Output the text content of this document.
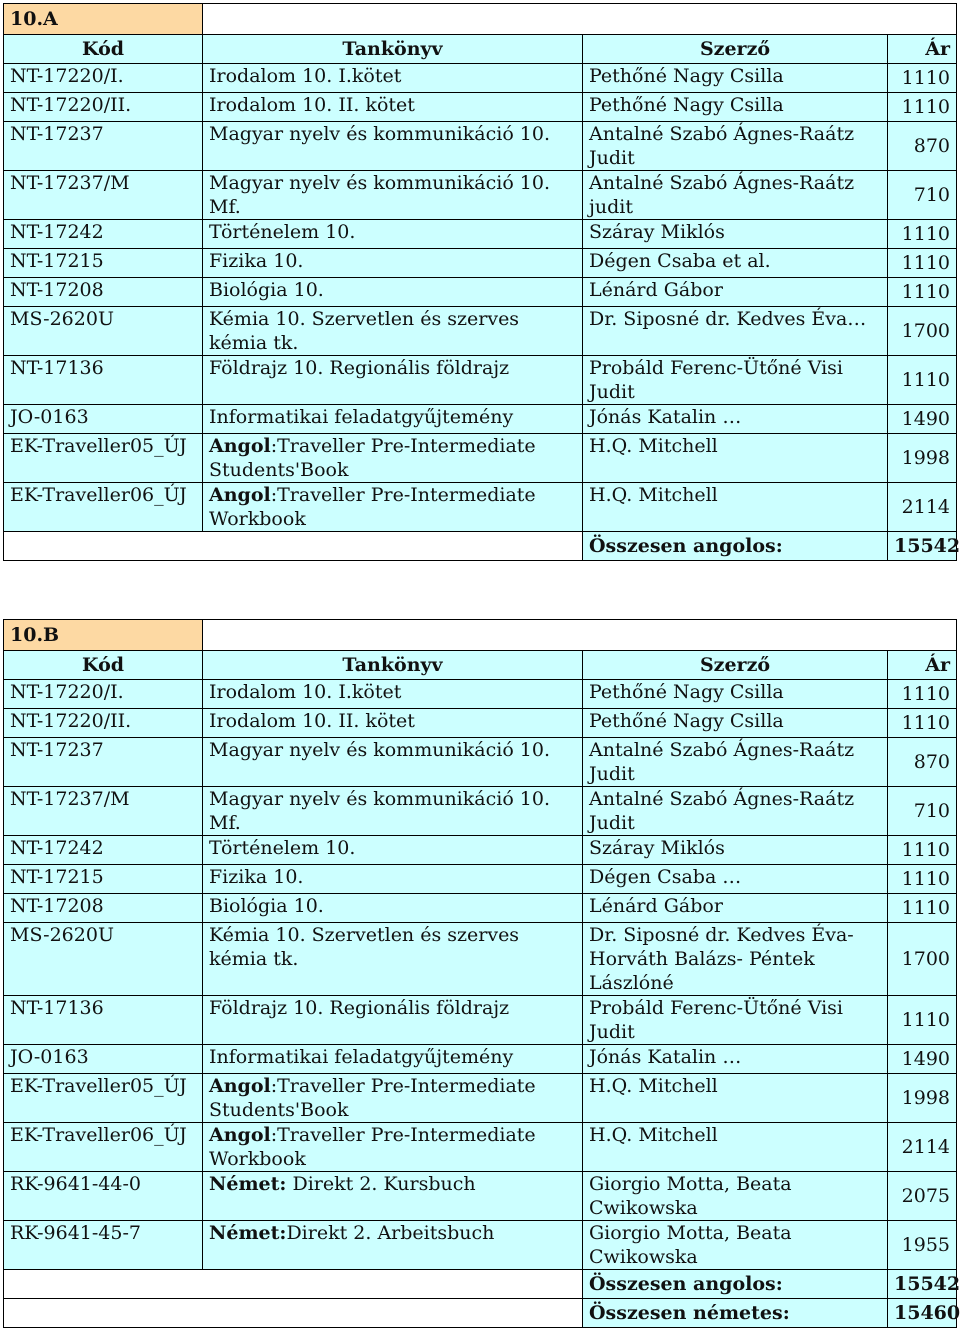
10.A			
Kód	Tankönyv	Szerző	Ár
NT-17220/I.	Irodalom 10. I.kötet	Pethőné Nagy Csilla	1110
NT-17220/II.	Irodalom 10. II. kötet	Pethőné Nagy Csilla	1110
NT-17237	Magyar nyelv és kommunikáció 10.	Antalné Szabó Ágnes-Raátz Judit	870
NT-17237/M	Magyar nyelv és kommunikáció 10. Mf.	Antalné Szabó Ágnes-Raátz judit	710
NT-17242	Történelem 10.	Száray Miklós	1110
NT-17215	Fizika 10.	Dégen Csaba et al.	1110
NT-17208	Biológia 10.	Lénárd Gábor	1110
MS-2620U	Kémia 10. Szervetlen és szerves kémia tk.	Dr. Siposné dr. Kedves Éva…	1700
NT-17136	Földrajz 10. Regionális földrajz	Probáld Ferenc-Ütőné Visi Judit	1110
JO-0163	Informatikai feladatgyűjtemény	Jónás Katalin …	1490
EK-Traveller05_ÚJ	Angol:Traveller Pre-Intermediate Students'Book	H.Q. Mitchell	1998
EK-Traveller06_ÚJ	Angol:Traveller Pre-Intermediate Workbook	H.Q. Mitchell	2114
		Összesen angolos:	15542
10.B			
Kód	Tankönyv	Szerző	Ár
NT-17220/I.	Irodalom 10. I.kötet	Pethőné Nagy Csilla	1110
NT-17220/II.	Irodalom 10. II. kötet	Pethőné Nagy Csilla	1110
NT-17237	Magyar nyelv és kommunikáció 10.	Antalné Szabó Ágnes-Raátz Judit	870
NT-17237/M	Magyar nyelv és kommunikáció 10. Mf.	Antalné Szabó Ágnes-Raátz Judit	710
NT-17242	Történelem 10.	Száray Miklós	1110
NT-17215	Fizika 10.	Dégen Csaba …	1110
NT-17208	Biológia 10.	Lénárd Gábor	1110
MS-2620U	Kémia 10. Szervetlen és szerves kémia tk.	Dr. Siposné dr. Kedves Éva-Horváth Balázs- Péntek Lászlóné	1700
NT-17136	Földrajz 10. Regionális földrajz	Probáld Ferenc-Ütőné Visi Judit	1110
JO-0163	Informatikai feladatgyűjtemény	Jónás Katalin …	1490
EK-Traveller05_ÚJ	Angol:Traveller Pre-Intermediate Students'Book	H.Q. Mitchell	1998
EK-Traveller06_ÚJ	Angol:Traveller Pre-Intermediate Workbook	H.Q. Mitchell	2114
RK-9641-44-0	Német: Direkt 2. Kursbuch	Giorgio Motta, Beata Cwikowska	2075
RK-9641-45-7	Német:Direkt 2. Arbeitsbuch	Giorgio Motta, Beata Cwikowska	1955
		Összesen angolos:	15542
		Összesen németes:	15460
